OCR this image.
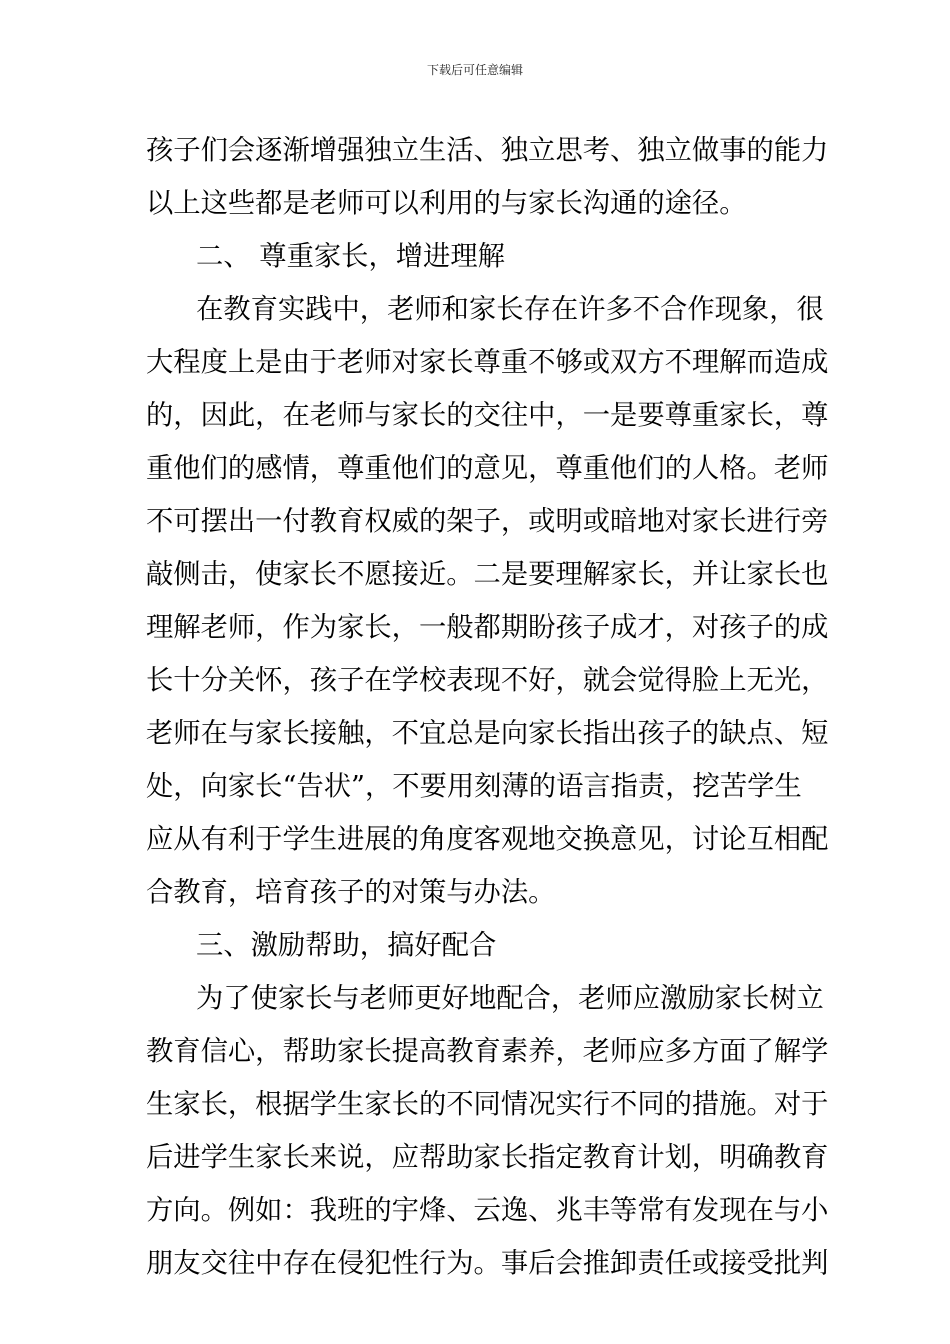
下载后可任意编辑
孩子们会逐渐增强独立生活、独立思考、独立做事的能力
以上这些都是老师可以利用的与家长沟通的途径。
二、 尊重家长，增进理解
在教育实践中，老师和家长存在许多不合作现象，很
大程度上是由于老师对家长尊重不够或双方不理解而造成
的，因此，在老师与家长的交往中，一是要尊重家长，尊
重他们的感情，尊重他们的意见，尊重他们的人格。老师
不可摆出一付教育权威的架子，或明或暗地对家长进行旁
敲侧击，使家长不愿接近。二是要理解家长，并让家长也
理解老师，作为家长，一般都期盼孩子成才，对孩子的成
长十分关怀，孩子在学校表现不好，就会觉得脸上无光，
老师在与家长接触，不宜总是向家长指出孩子的缺点、短
处，向家长“告状”，不要用刻薄的语言指责，挖苦学生
应从有利于学生进展的角度客观地交换意见，讨论互相配
合教育，培育孩子的对策与办法。
三、激励帮助，搞好配合
为了使家长与老师更好地配合，老师应激励家长树立
教育信心，帮助家长提高教育素养，老师应多方面了解学
生家长，根据学生家长的不同情况实行不同的措施。对于
后进学生家长来说，应帮助家长指定教育计划，明确教育
方向。例如：我班的宇烽、云逸、兆丰等常有发现在与小
朋友交往中存在侵犯性行为。事后会推卸责任或接受批判
